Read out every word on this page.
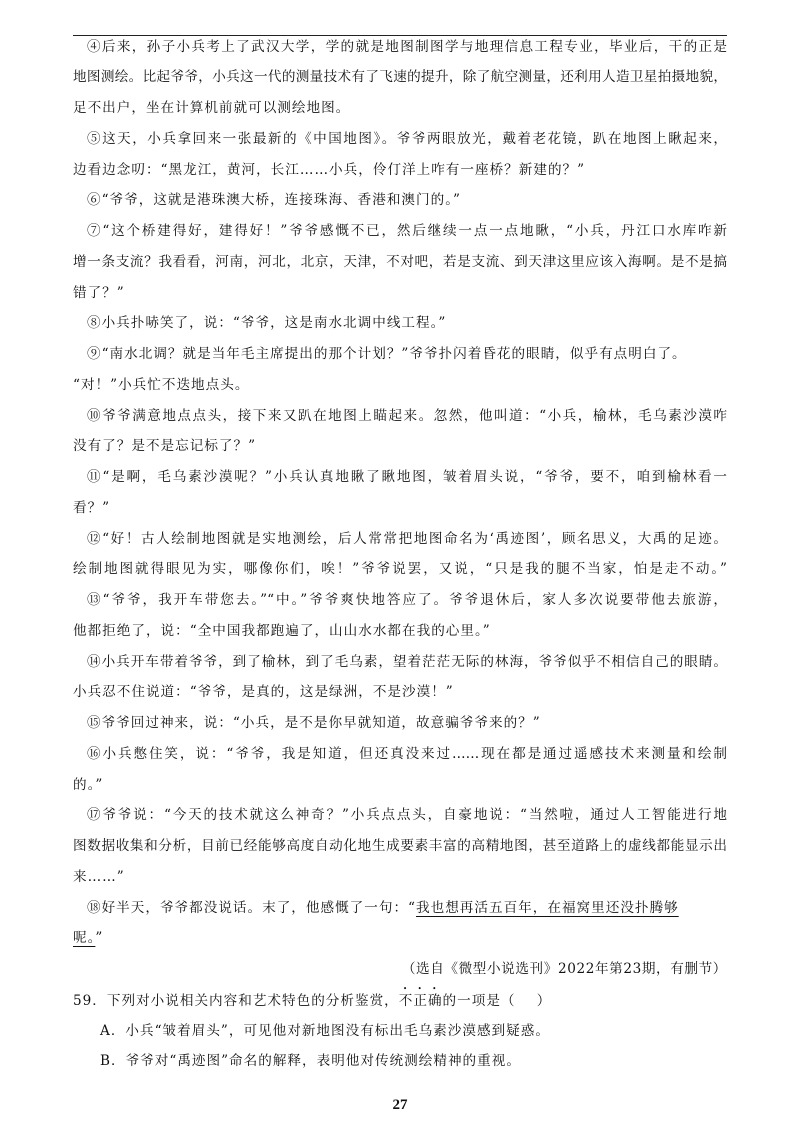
④后来，孙子小兵考上了武汉大学，学的就是地图制图学与地理信息工程专业，毕业后，干的正是
地图测绘。比起爷爷，小兵这一代的测量技术有了飞速的提升，除了航空测量，还利用人造卫星拍摄地貌，
足不出户，坐在计算机前就可以测绘地图。
⑤这天，小兵拿回来一张最新的《中国地图》。爷爷两眼放光，戴着老花镜，趴在地图上瞅起来，
边看边念叨：“黑龙江，黄河，长江……小兵，伶仃洋上咋有一座桥？新建的？”
⑥“爷爷，这就是港珠澳大桥，连接珠海、香港和澳门的。”
⑦“这个桥建得好，建得好！”爷爷感慨不已，然后继续一点一点地瞅，“小兵，丹江口水库咋新
增一条支流？我看看，河南，河北，北京，天津，不对吧，若是支流、到天津这里应该入海啊。是不是搞
错了？”
⑧小兵扑哧笑了，说：“爷爷，这是南水北调中线工程。”
⑨“南水北调？就是当年毛主席提出的那个计划？”爷爷扑闪着昏花的眼睛，似乎有点明白了。
“对！”小兵忙不迭地点头。
⑩爷爷满意地点点头，接下来又趴在地图上瞄起来。忽然，他叫道：“小兵，榆林，毛乌素沙漠咋
没有了？是不是忘记标了？”
⑪“是啊，毛乌素沙漠呢？”小兵认真地瞅了瞅地图，皱着眉头说，“爷爷，要不，咱到榆林看一
看？”
⑫“好！古人绘制地图就是实地测绘，后人常常把地图命名为‘禹迹图’，顾名思义，大禹的足迹。
绘制地图就得眼见为实，哪像你们，唉！”爷爷说罢，又说，“只是我的腿不当家，怕是走不动。”
⑬“爷爷，我开车带您去。”“中。”爷爷爽快地答应了。爷爷退休后，家人多次说要带他去旅游，
他都拒绝了，说：“全中国我都跑遍了，山山水水都在我的心里。”
⑭小兵开车带着爷爷，到了榆林，到了毛乌素，望着茫茫无际的林海，爷爷似乎不相信自己的眼睛。
小兵忍不住说道：“爷爷，是真的，这是绿洲，不是沙漠！”
⑮爷爷回过神来，说：“小兵，是不是你早就知道，故意骗爷爷来的？”
⑯小兵憋住笑，说：“爷爷，我是知道，但还真没来过……现在都是通过遥感技术来测量和绘制
的。”
⑰爷爷说：“今天的技术就这么神奇？”小兵点点头，自豪地说：“当然啦，通过人工智能进行地
图数据收集和分析，目前已经能够高度自动化地生成要素丰富的高精地图，甚至道路上的虚线都能显示出
来……”
⑱好半天，爷爷都没说话。末了，他感慨了一句：“我也想再活五百年，在福窝里还没扑腾够
呢。”
（选自《微型小说选刊》2022年第23期，有删节）
59．下列对小说相关内容和艺术特色的分析鉴赏，不正确的一项是（    ）
A．小兵“皱着眉头”，可见他对新地图没有标出毛乌素沙漠感到疑惑。
B．爷爷对“禹迹图”命名的解释，表明他对传统测绘精神的重视。
27
